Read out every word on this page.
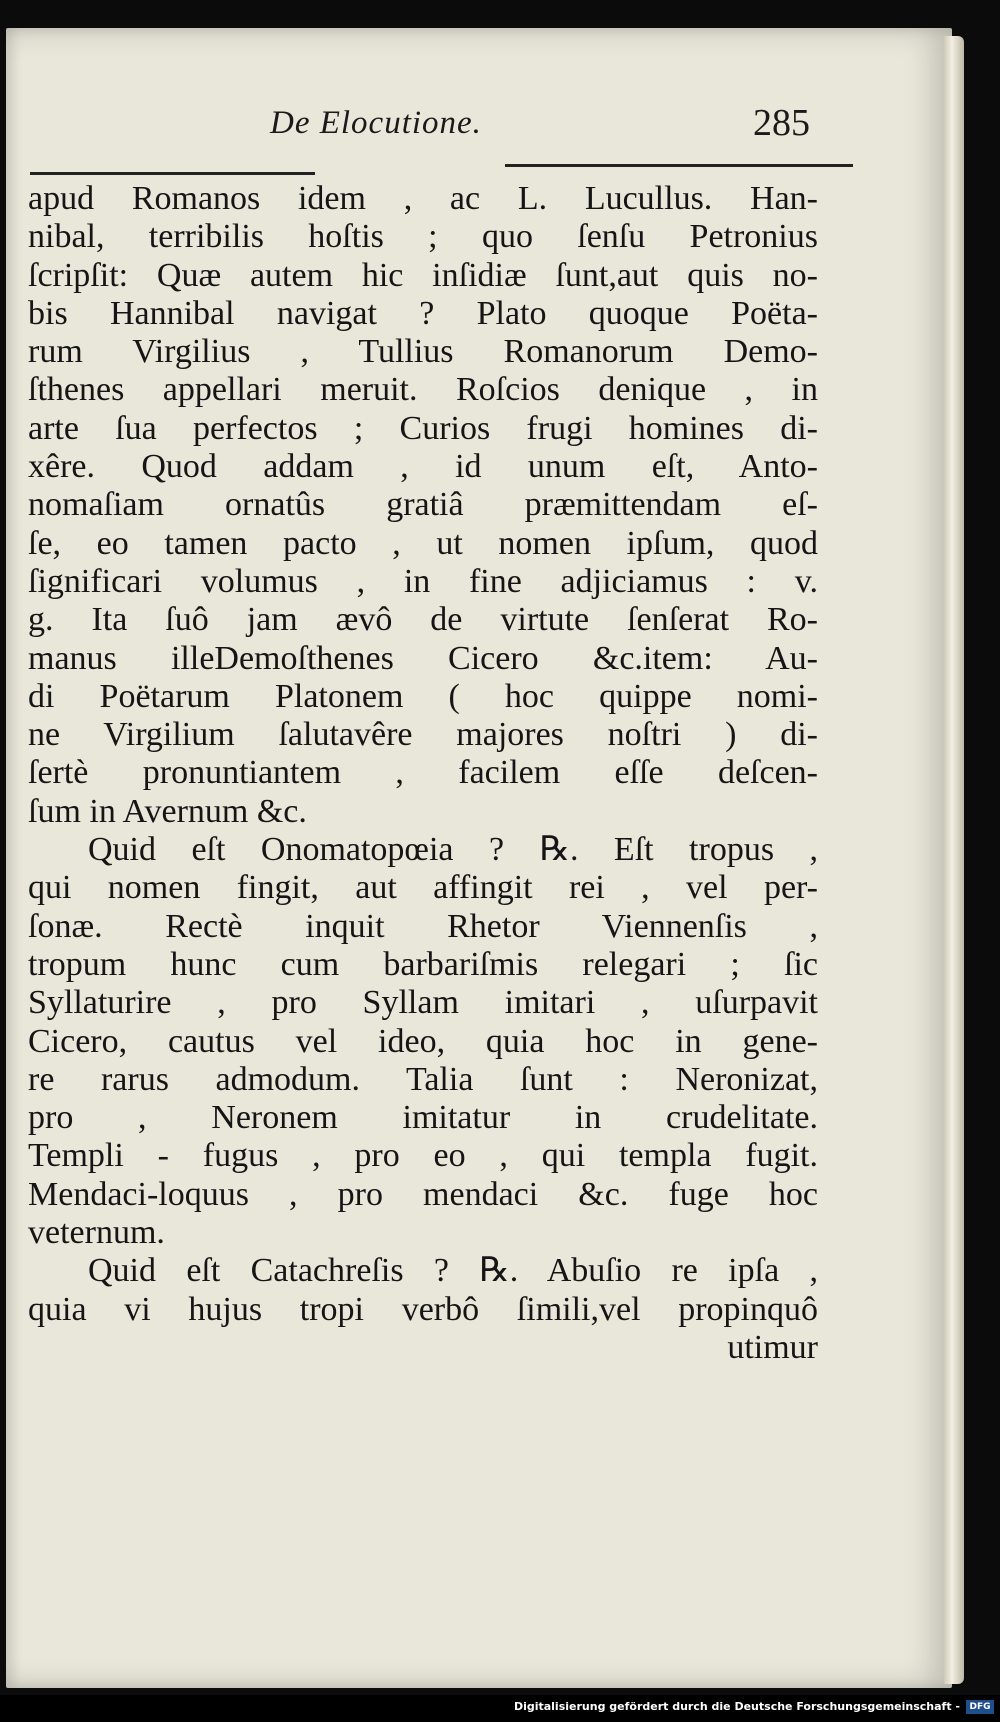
De Elocutione.	285
apud Romanos idem , ac L. Lucullus. Han-
nibal, terribilis hoſtis ; quo ſenſu Petronius
ſcripſit: Quæ autem hic inſidiæ ſunt,aut quis no-
bis Hannibal navigat ? Plato quoque Poëta-
rum Virgilius , Tullius Romanorum Demo-
ſthenes appellari meruit. Roſcios denique , in
arte ſua perfectos ; Curios frugi homines di-
xêre. Quod addam , id unum eſt, Anto-
nomaſiam ornatûs gratiâ præmittendam eſ-
ſe, eo tamen pacto , ut nomen ipſum, quod
ſignificari volumus , in fine adjiciamus : v.
g. Ita ſuô jam ævô de virtute ſenſerat Ro-
manus illeDemoſthenes Cicero &c.item: Au-
di Poëtarum Platonem ( hoc quippe nomi-
ne Virgilium ſalutavêre majores noſtri ) di-
ſertè pronuntiantem , facilem eſſe deſcen-
ſum in Avernum &c.
Quid eſt Onomatopœia ? ℞. Eſt tropus ,
qui nomen fingit, aut affingit rei , vel per-
ſonæ. Rectè inquit Rhetor Viennenſis ,
tropum hunc cum barbariſmis relegari ; ſic
Syllaturire , pro Syllam imitari , uſurpavit
Cicero, cautus vel ideo, quia hoc in gene-
re rarus admodum. Talia ſunt : Neronizat,
pro , Neronem imitatur in crudelitate.
Templi - fugus , pro eo , qui templa fugit.
Mendaci-loquus , pro mendaci &c. fuge hoc
veternum.
Quid eſt Catachreſis ? ℞. Abuſio re ipſa ,
quia vi hujus tropi verbô ſimili,vel propinquô
utimur
Digitalisierung gefördert durch die Deutsche Forschungsgemeinschaft -	DFG
